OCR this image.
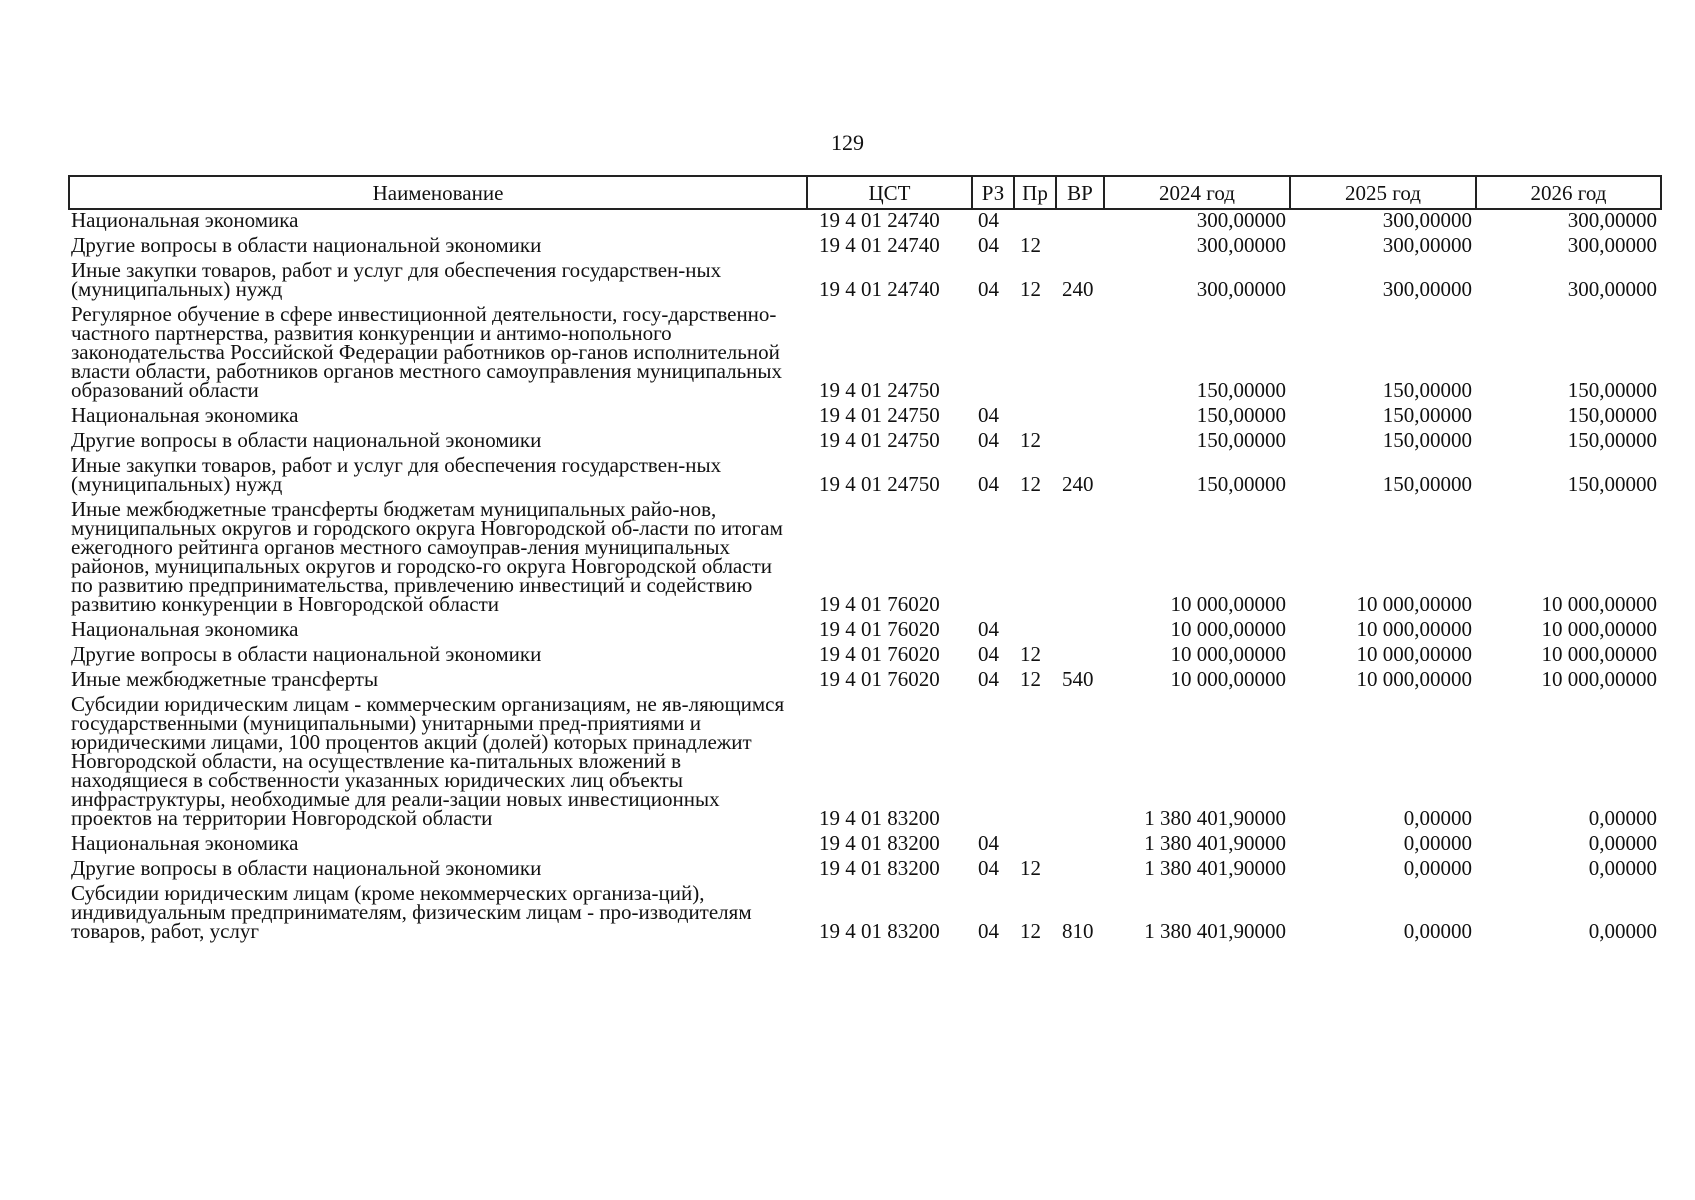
129
Наименование	ЦСТ	РЗ	Пр	ВР	2024 год	2025 год	2026 год
Национальная экономика	19 4 01 24740	04			300,00000	300,00000	300,00000
Другие вопросы в области национальной экономики	19 4 01 24740	04	12		300,00000	300,00000	300,00000
Иные закупки товаров, работ и услуг для обеспечения государствен-ных (муниципальных) нужд	19 4 01 24740	04	12	240	300,00000	300,00000	300,00000
Регулярное обучение в сфере инвестиционной деятельности, госу-дарственно-частного партнерства, развития конкуренции и антимо-нопольного законодательства Российской Федерации работников ор-ганов исполнительной власти области, работников органов местного самоуправления муниципальных образований области	19 4 01 24750				150,00000	150,00000	150,00000
Национальная экономика	19 4 01 24750	04			150,00000	150,00000	150,00000
Другие вопросы в области национальной экономики	19 4 01 24750	04	12		150,00000	150,00000	150,00000
Иные закупки товаров, работ и услуг для обеспечения государствен-ных (муниципальных) нужд	19 4 01 24750	04	12	240	150,00000	150,00000	150,00000
Иные межбюджетные трансферты бюджетам муниципальных райо-нов, муниципальных округов и городского округа Новгородской об-ласти по итогам ежегодного рейтинга органов местного самоуправ-ления муниципальных районов, муниципальных округов и городско-го округа Новгородской области по развитию предпринимательства, привлечению инвестиций и содействию развитию конкуренции в Новгородской области	19 4 01 76020				10 000,00000	10 000,00000	10 000,00000
Национальная экономика	19 4 01 76020	04			10 000,00000	10 000,00000	10 000,00000
Другие вопросы в области национальной экономики	19 4 01 76020	04	12		10 000,00000	10 000,00000	10 000,00000
Иные межбюджетные трансферты	19 4 01 76020	04	12	540	10 000,00000	10 000,00000	10 000,00000
Субсидии юридическим лицам - коммерческим организациям, не яв-ляющимся государственными (муниципальными) унитарными пред-приятиями и юридическими лицами, 100 процентов акций (долей) которых принадлежит Новгородской области, на осуществление ка-питальных вложений в находящиеся в собственности указанных юридических лиц объекты инфраструктуры, необходимые для реали-зации новых инвестиционных проектов на территории Новгородской области	19 4 01 83200				1 380 401,90000	0,00000	0,00000
Национальная экономика	19 4 01 83200	04			1 380 401,90000	0,00000	0,00000
Другие вопросы в области национальной экономики	19 4 01 83200	04	12		1 380 401,90000	0,00000	0,00000
Субсидии юридическим лицам (кроме некоммерческих организа-ций), индивидуальным предпринимателям, физическим лицам - про-изводителям товаров, работ, услуг	19 4 01 83200	04	12	810	1 380 401,90000	0,00000	0,00000
